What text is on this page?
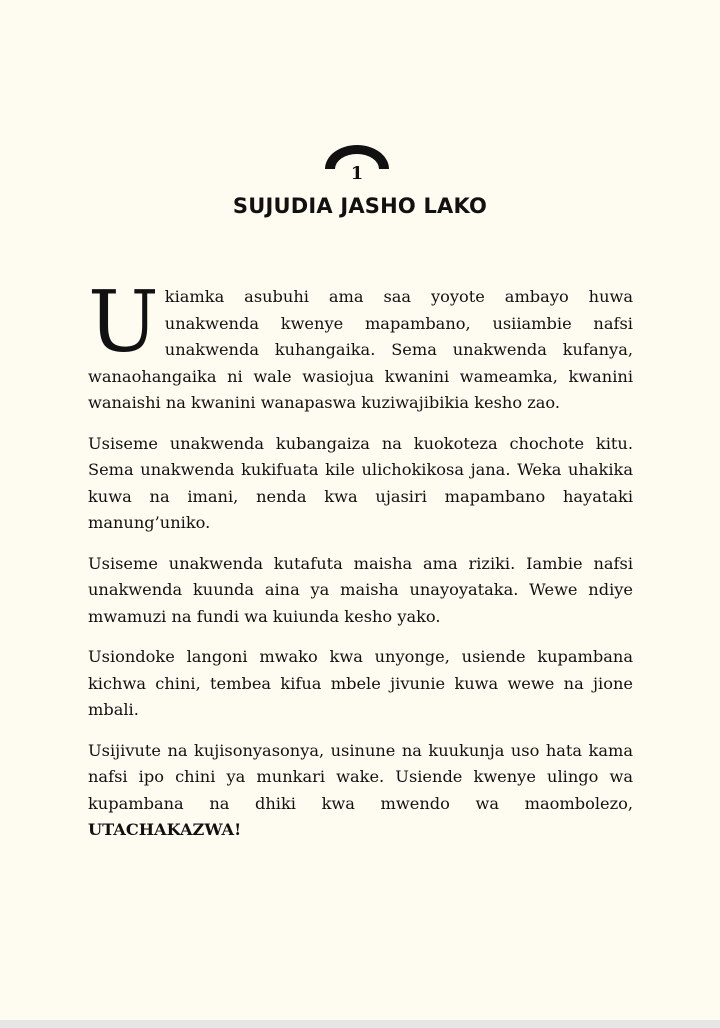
1
SUJUDIA JASHO LAKO

Ukiamka asubuhi ama saa yoyote ambayo huwa unakwenda kwenye mapambano, usiiambie nafsi unakwenda kuhangaika. Sema unakwenda kufanya, wanaohangaika ni wale wasiojua kwanini wameamka, kwanini wanaishi na kwanini wanapaswa kuziwajibikia kesho zao.

Usiseme unakwenda kubangaiza na kuokoteza chochote kitu. Sema unakwenda kukifuata kile ulichokikosa jana. Weka uhakika kuwa na imani, nenda kwa ujasiri mapambano hayataki manung’uniko.

Usiseme unakwenda kutafuta maisha ama riziki. Iambie nafsi unakwenda kuunda aina ya maisha unayoyataka. Wewe ndiye mwamuzi na fundi wa kuiunda kesho yako.

Usiondoke langoni mwako kwa unyonge, usiende kupambana kichwa chini, tembea kifua mbele jivunie kuwa wewe na jione mbali.

Usijivute na kujisonyasonya, usinune na kuukunja uso hata kama nafsi ipo chini ya munkari wake. Usiende kwenye ulingo wa kupambana na dhiki kwa mwendo wa maombolezo, UTACHAKAZWA!
